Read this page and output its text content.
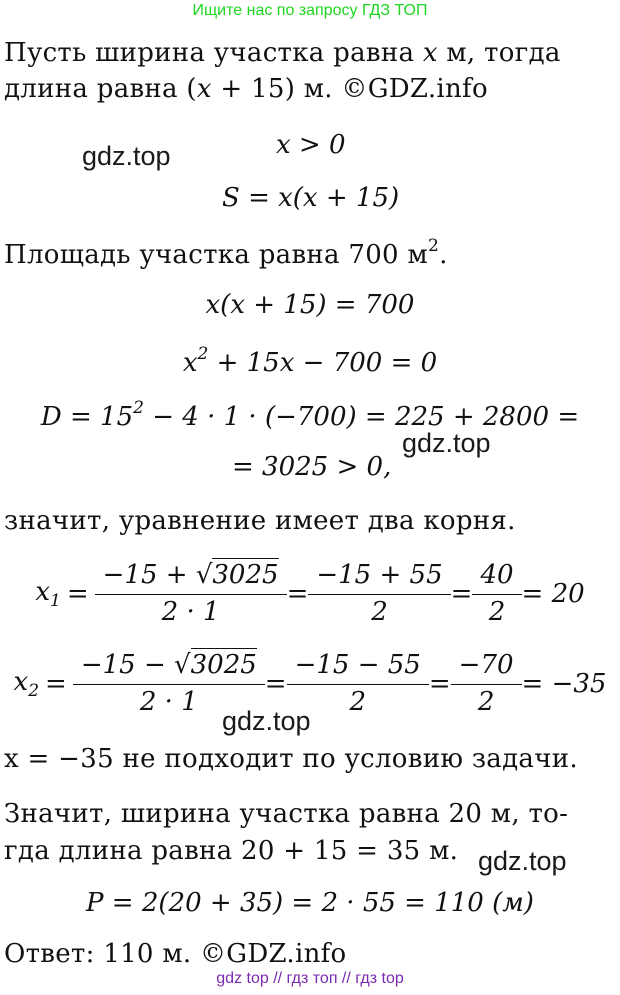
Ищите нас по запросу ГДЗ ТОП
Пусть ширина участка равна x м, тогда
длина равна (x + 15) м. ©GDZ.info
gdz.top	x > 0
S = x(x + 15)
Площадь участка равна 700 $м^2$.
x(x + 15) = 700
$x^2 + 15x - 700 = 0$
$D = 15^2 - 4 \cdot 1 \cdot (-700) = 225 + 2800$ =
gdz.top
= 3025 > 0,
значит, уравнение имеет два корня.
$x_1 = \frac{-15 + √3025}{2 \cdot 1} = \frac{-15 + 55}{2} = \frac{40}{2} = 20$
$x_2 = \frac{-15 - √3025}{2 \cdot 1} = \frac{-15 - 55}{2} = \frac{-70}{2} = -35$
gdz.top
x = −35 не подходит по условию задачи.
Значит, ширина участка равна 20 м, то-
гда длина равна 20 + 15 = 35 м. gdz.top
P = 2(20 + 35) = 2 · 55 = 110 (м)
Ответ: 110 м. ©GDZ.info
gdz top // гдз топ // гдз top
